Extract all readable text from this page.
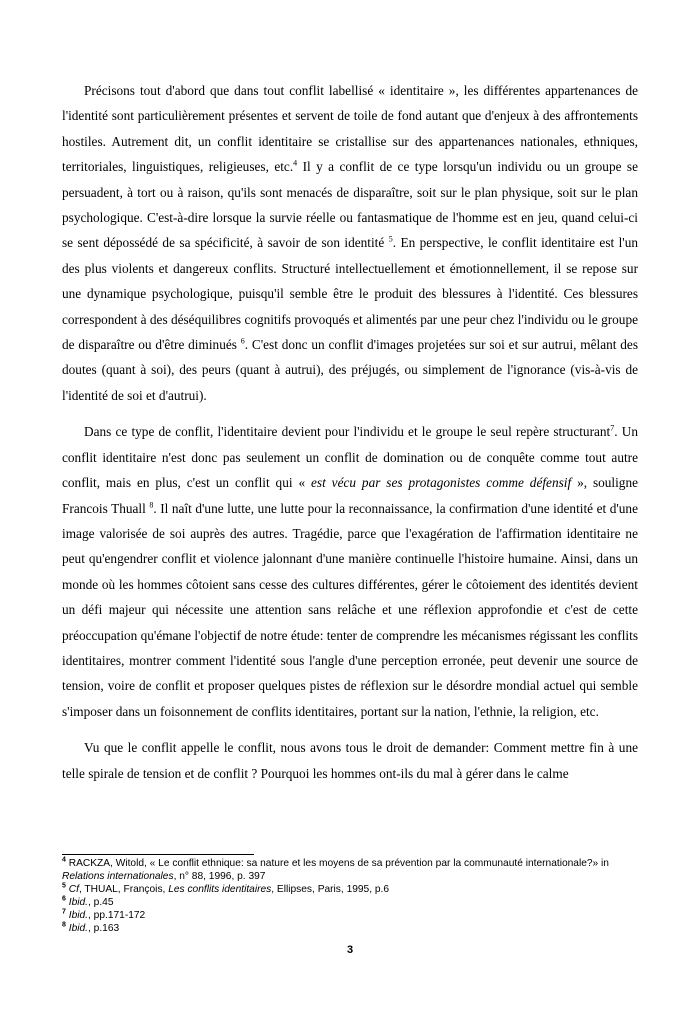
Précisons tout d'abord que dans tout conflit labellisé « identitaire », les différentes appartenances de l'identité sont particulièrement présentes et servent de toile de fond autant que d'enjeux à des affrontements hostiles. Autrement dit, un conflit identitaire se cristallise sur des appartenances nationales, ethniques, territoriales, linguistiques, religieuses, etc.$^4$ Il y a conflit de ce type lorsqu'un individu ou un groupe se persuadent, à tort ou à raison, qu'ils sont menacés de disparaître, soit sur le plan physique, soit sur le plan psychologique. C'est-à-dire lorsque la survie réelle ou fantasmatique de l'homme est en jeu, quand celui-ci se sent dépossédé de sa spécificité, à savoir de son identité $^5$. En perspective, le conflit identitaire est l'un des plus violents et dangereux conflits. Structuré intellectuellement et émotionnellement, il se repose sur une dynamique psychologique, puisqu'il semble être le produit des blessures à l'identité. Ces blessures correspondent à des déséquilibres cognitifs provoqués et alimentés par une peur chez l'individu ou le groupe de disparaître ou d'être diminués $^6$. C'est donc un conflit d'images projetées sur soi et sur autrui, mêlant des doutes (quant à soi), des peurs (quant à autrui), des préjugés, ou simplement de l'ignorance (vis-à-vis de l'identité de soi et d'autrui).

Dans ce type de conflit, l'identitaire devient pour l'individu et le groupe le seul repère structurant$^7$. Un conflit identitaire n'est donc pas seulement un conflit de domination ou de conquête comme tout autre conflit, mais en plus, c'est un conflit qui « est vécu par ses protagonistes comme défensif », souligne Francois Thuall $^8$. Il naît d'une lutte, une lutte pour la reconnaissance, la confirmation d'une identité et d'une image valorisée de soi auprès des autres. Tragédie, parce que l'exagération de l'affirmation identitaire ne peut qu'engendrer conflit et violence jalonnant d'une manière continuelle l'histoire humaine. Ainsi, dans un monde où les hommes côtoient sans cesse des cultures différentes, gérer le côtoiement des identités devient un défi majeur qui nécessite une attention sans relâche et une réflexion approfondie et c'est de cette préoccupation qu'émane l'objectif de notre étude: tenter de comprendre les mécanismes régissant les conflits identitaires, montrer comment l'identité sous l'angle d'une perception erronée, peut devenir une source de tension, voire de conflit et proposer quelques pistes de réflexion sur le désordre mondial actuel qui semble s'imposer dans un foisonnement de conflits identitaires, portant sur la nation, l'ethnie, la religion, etc.

Vu que le conflit appelle le conflit, nous avons tous le droit de demander: Comment mettre fin à une telle spirale de tension et de conflit ? Pourquoi les hommes ont-ils du mal à gérer dans le calme

$^4$ RACKZA, Witold, « Le conflit ethnique: sa nature et les moyens de sa prévention par la communauté internationale?» in Relations internationales, n° 88, 1996, p. 397

$^5$ Cf, THUAL, François, Les conflits identitaires, Ellipses, Paris, 1995, p.6

$^6$ Ibid., p.45

$^7$ Ibid., pp.171-172

$^8$ Ibid., p.163

3
